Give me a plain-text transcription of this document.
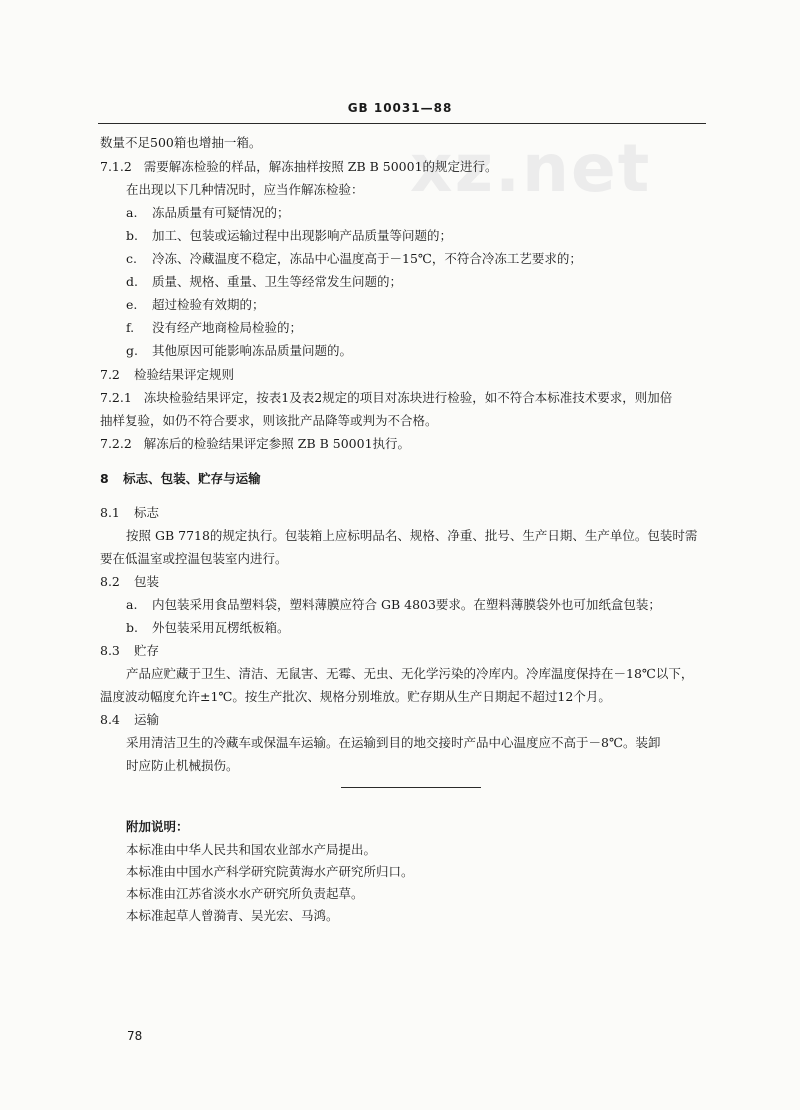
GB 10031—88
xz.net
数量不足500箱也增抽一箱。
7.1.2 需要解冻检验的样品，解冻抽样按照 ZB B 50001的规定进行。
在出现以下几种情况时，应当作解冻检验：
a. 冻品质量有可疑情况的；
b. 加工、包装或运输过程中出现影响产品质量等问题的；
c. 冷冻、冷藏温度不稳定，冻品中心温度高于－15℃，不符合冷冻工艺要求的；
d. 质量、规格、重量、卫生等经常发生问题的；
e. 超过检验有效期的；
f. 没有经产地商检局检验的；
g. 其他原因可能影响冻品质量问题的。
7.2 检验结果评定规则
7.2.1 冻块检验结果评定，按表1及表2规定的项目对冻块进行检验，如不符合本标准技术要求，则加倍
抽样复验，如仍不符合要求，则该批产品降等或判为不合格。
7.2.2 解冻后的检验结果评定参照 ZB B 50001执行。
8 标志、包装、贮存与运输
8.1 标志
按照 GB 7718的规定执行。包装箱上应标明品名、规格、净重、批号、生产日期、生产单位。包装时需
要在低温室或控温包装室内进行。
8.2 包装
a. 内包装采用食品塑料袋，塑料薄膜应符合 GB 4803要求。在塑料薄膜袋外也可加纸盒包装；
b. 外包装采用瓦楞纸板箱。
8.3 贮存
产品应贮藏于卫生、清洁、无鼠害、无霉、无虫、无化学污染的冷库内。冷库温度保持在－18℃以下，
温度波动幅度允许±1℃。按生产批次、规格分别堆放。贮存期从生产日期起不超过12个月。
8.4 运输
采用清洁卫生的冷藏车或保温车运输。在运输到目的地交接时产品中心温度应不高于－8℃。装卸
时应防止机械损伤。
附加说明：
本标准由中华人民共和国农业部水产局提出。
本标准由中国水产科学研究院黄海水产研究所归口。
本标准由江苏省淡水水产研究所负责起草。
本标准起草人曾漪青、吴光宏、马鸿。
78
